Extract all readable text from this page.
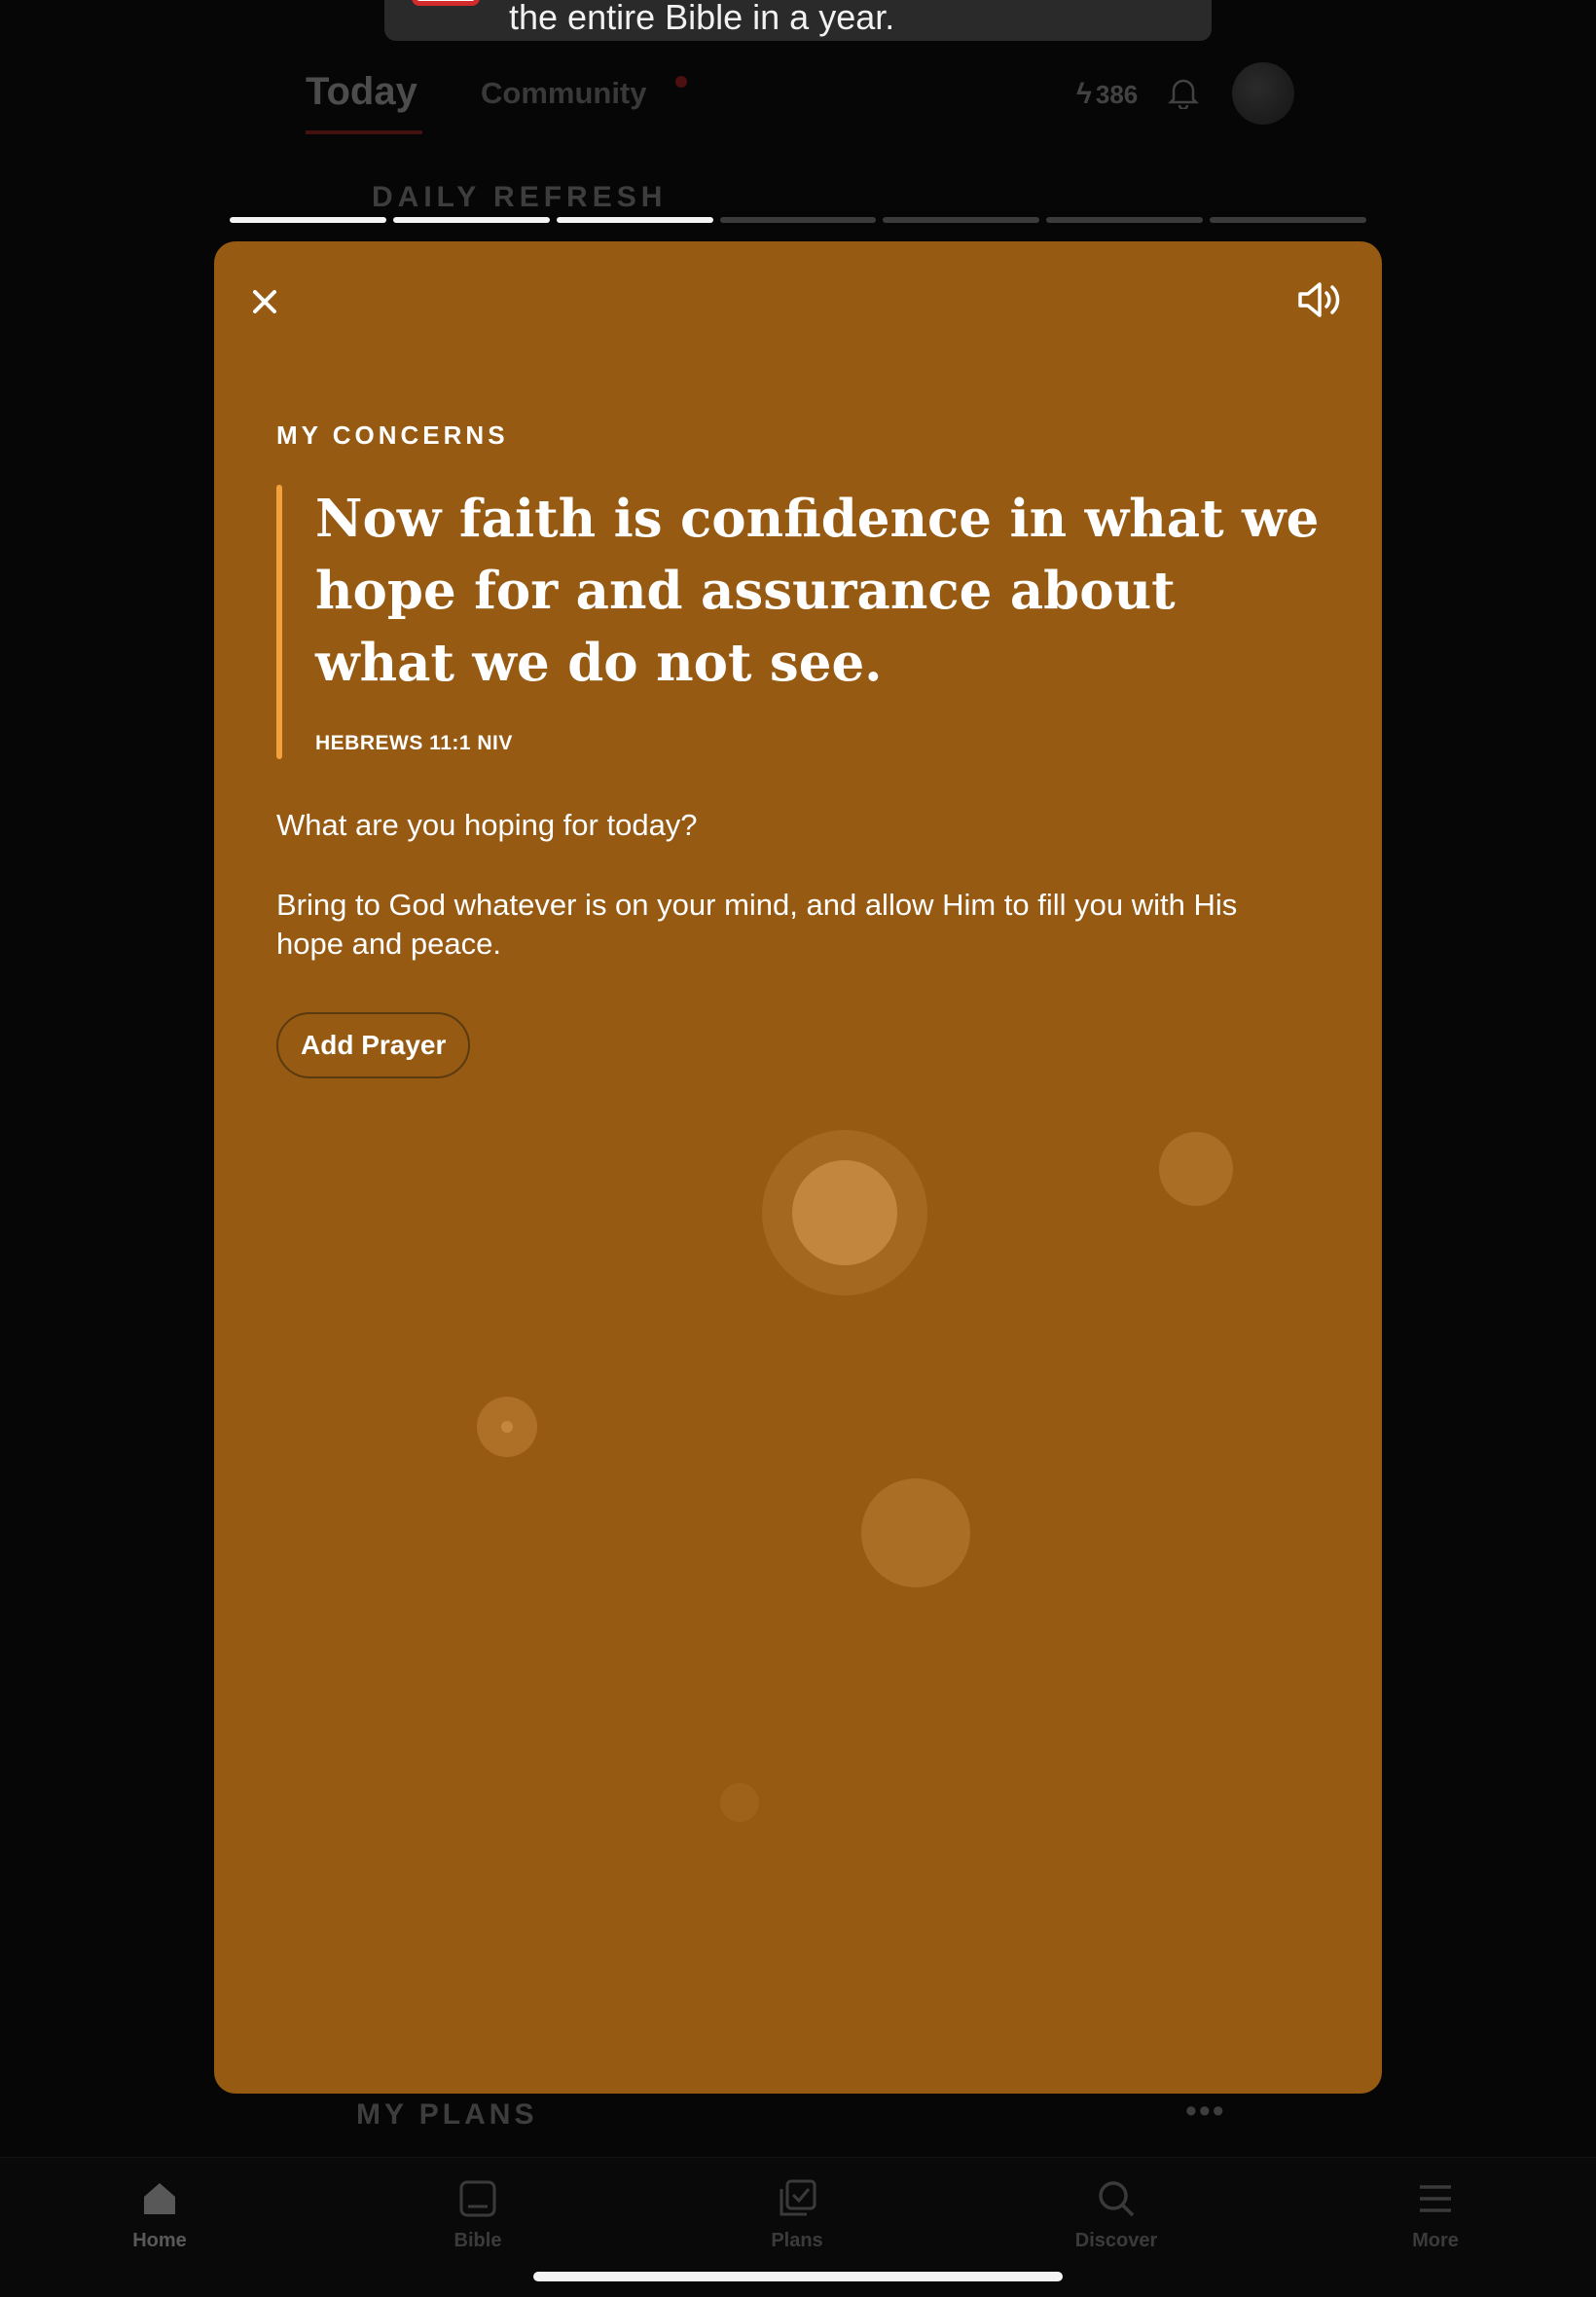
the entire Bible in a year.
Today Community	ϟ 386
DAILY REFRESH
MY CONCERNS
Now faith is confidence in what we hope for and assurance about what we do not see.
HEBREWS 11:1 NIV
What are you hoping for today?
Bring to God whatever is on your mind, and allow Him to fill you with His hope and peace.
Add Prayer
MY PLANS	•••
Home	Bible	Plans	Discover	More
